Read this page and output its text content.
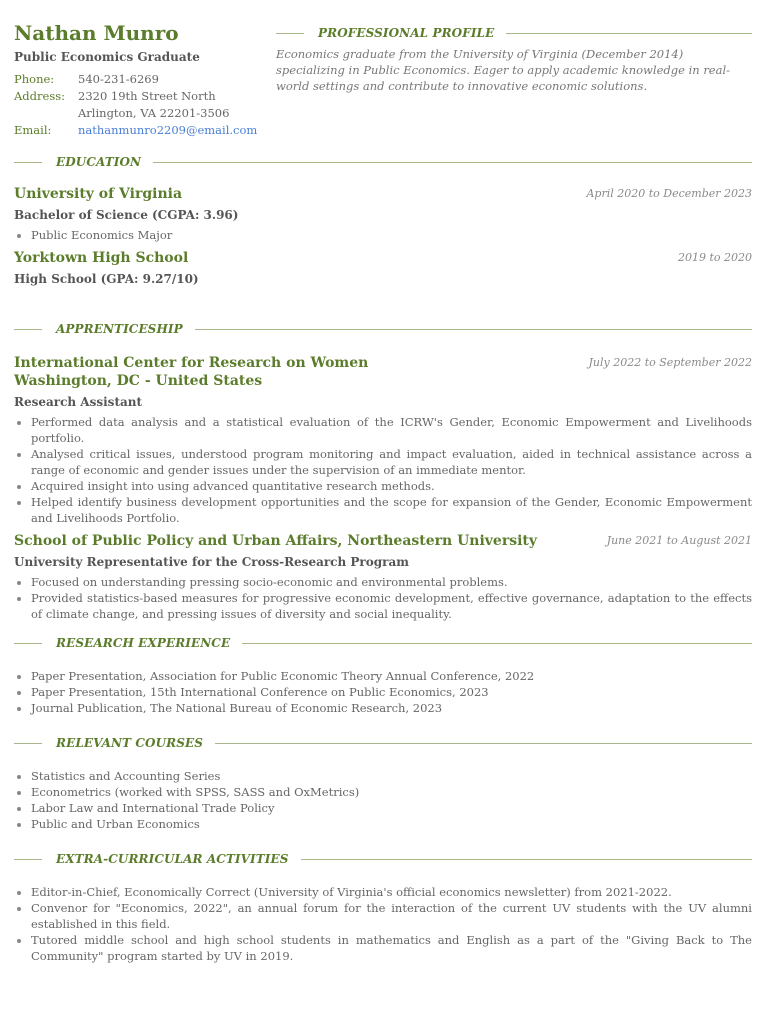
Nathan Munro
Public Economics Graduate
Phone:	540-231-6269
Address:	2320 19th Street North
Arlington, VA 22201-3506
Email:	nathanmunro2209@email.com
PROFESSIONAL PROFILE
Economics graduate from the University of Virginia (December 2014) specializing in Public Economics. Eager to apply academic knowledge in real-world settings and contribute to innovative economic solutions.
EDUCATION
University of Virginia	April 2020 to December 2023
Bachelor of Science (CGPA: 3.96)
• Public Economics Major
Yorktown High School	2019 to 2020
High School (GPA: 9.27/10)
APPRENTICESHIP
International Center for Research on Women Washington, DC - United States
July 2022 to September 2022
Research Assistant
• Performed data analysis and a statistical evaluation of the ICRW's Gender, Economic Empowerment and Livelihoods portfolio.
• Analysed critical issues, understood program monitoring and impact evaluation, aided in technical assistance across a range of economic and gender issues under the supervision of an immediate mentor.
• Acquired insight into using advanced quantitative research methods.
• Helped identify business development opportunities and the scope for expansion of the Gender, Economic Empowerment and Livelihoods Portfolio.
School of Public Policy and Urban Affairs, Northeastern University	June 2021 to August 2021
University Representative for the Cross-Research Program
• Focused on understanding pressing socio-economic and environmental problems.
• Provided statistics-based measures for progressive economic development, effective governance, adaptation to the effects of climate change, and pressing issues of diversity and social inequality.
RESEARCH EXPERIENCE
• Paper Presentation, Association for Public Economic Theory Annual Conference, 2022
• Paper Presentation, 15th International Conference on Public Economics, 2023
• Journal Publication, The National Bureau of Economic Research, 2023
RELEVANT COURSES
• Statistics and Accounting Series
• Econometrics (worked with SPSS, SASS and OxMetrics)
• Labor Law and International Trade Policy
• Public and Urban Economics
EXTRA-CURRICULAR ACTIVITIES
• Editor-in-Chief, Economically Correct (University of Virginia's official economics newsletter) from 2021-2022.
• Convenor for "Economics, 2022", an annual forum for the interaction of the current UV students with the UV alumni established in this field.
• Tutored middle school and high school students in mathematics and English as a part of the "Giving Back to The Community" program started by UV in 2019.
